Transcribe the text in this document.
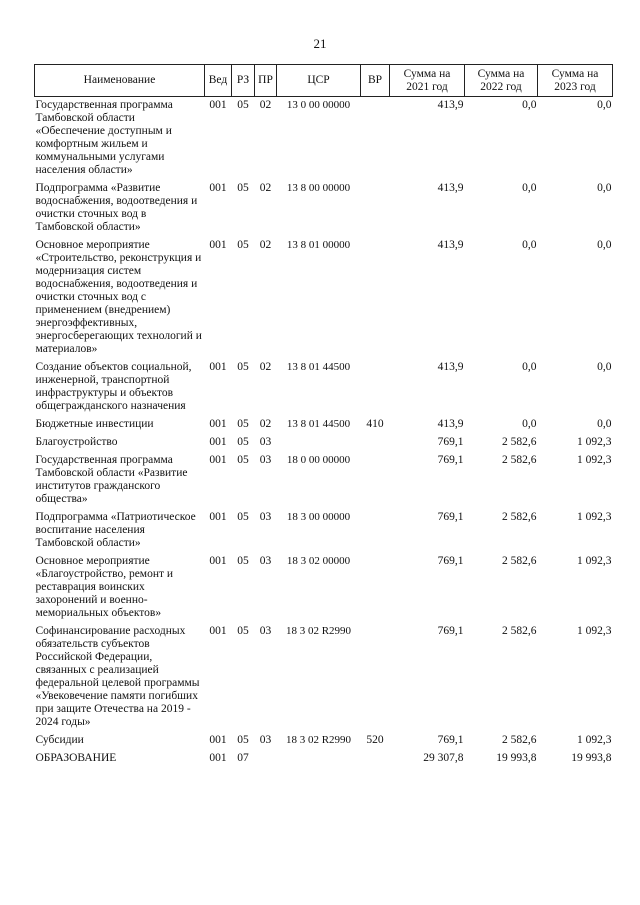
21
Наименование	Вед	РЗ	ПР	ЦСР	ВР	Сумма на 2021 год	Сумма на 2022 год	Сумма на 2023 год
Государственная программа Тамбовской области «Обеспечение доступным и комфортным жильем и коммунальными услугами населения области»	001	05	02	13 0 00 00000		413,9	0,0	0,0
Подпрограмма «Развитие водоснабжения, водоотведения и очистки сточных вод в Тамбовской области»	001	05	02	13 8 00 00000		413,9	0,0	0,0
Основное мероприятие «Строительство, реконструкция и модернизация систем водоснабжения, водоотведения и очистки сточных вод с применением (внедрением) энергоэффективных, энергосберегающих технологий и материалов»	001	05	02	13 8 01 00000		413,9	0,0	0,0
Создание объектов социальной, инженерной, транспортной инфраструктуры и объектов общегражданского назначения	001	05	02	13 8 01 44500		413,9	0,0	0,0
Бюджетные инвестиции	001	05	02	13 8 01 44500	410	413,9	0,0	0,0
Благоустройство	001	05	03			769,1	2 582,6	1 092,3
Государственная программа Тамбовской области «Развитие институтов гражданского общества»	001	05	03	18 0 00 00000		769,1	2 582,6	1 092,3
Подпрограмма «Патриотическое воспитание населения Тамбовской области»	001	05	03	18 3 00 00000		769,1	2 582,6	1 092,3
Основное мероприятие «Благоустройство, ремонт и реставрация воинских захоронений и военно-мемориальных объектов»	001	05	03	18 3 02 00000		769,1	2 582,6	1 092,3
Софинансирование расходных обязательств субъектов Российской Федерации, связанных с реализацией федеральной целевой программы «Увековечение памяти погибших при защите Отечества на 2019 - 2024 годы»	001	05	03	18 3 02 R2990		769,1	2 582,6	1 092,3
Субсидии	001	05	03	18 3 02 R2990	520	769,1	2 582,6	1 092,3
ОБРАЗОВАНИЕ	001	07				29 307,8	19 993,8	19 993,8
